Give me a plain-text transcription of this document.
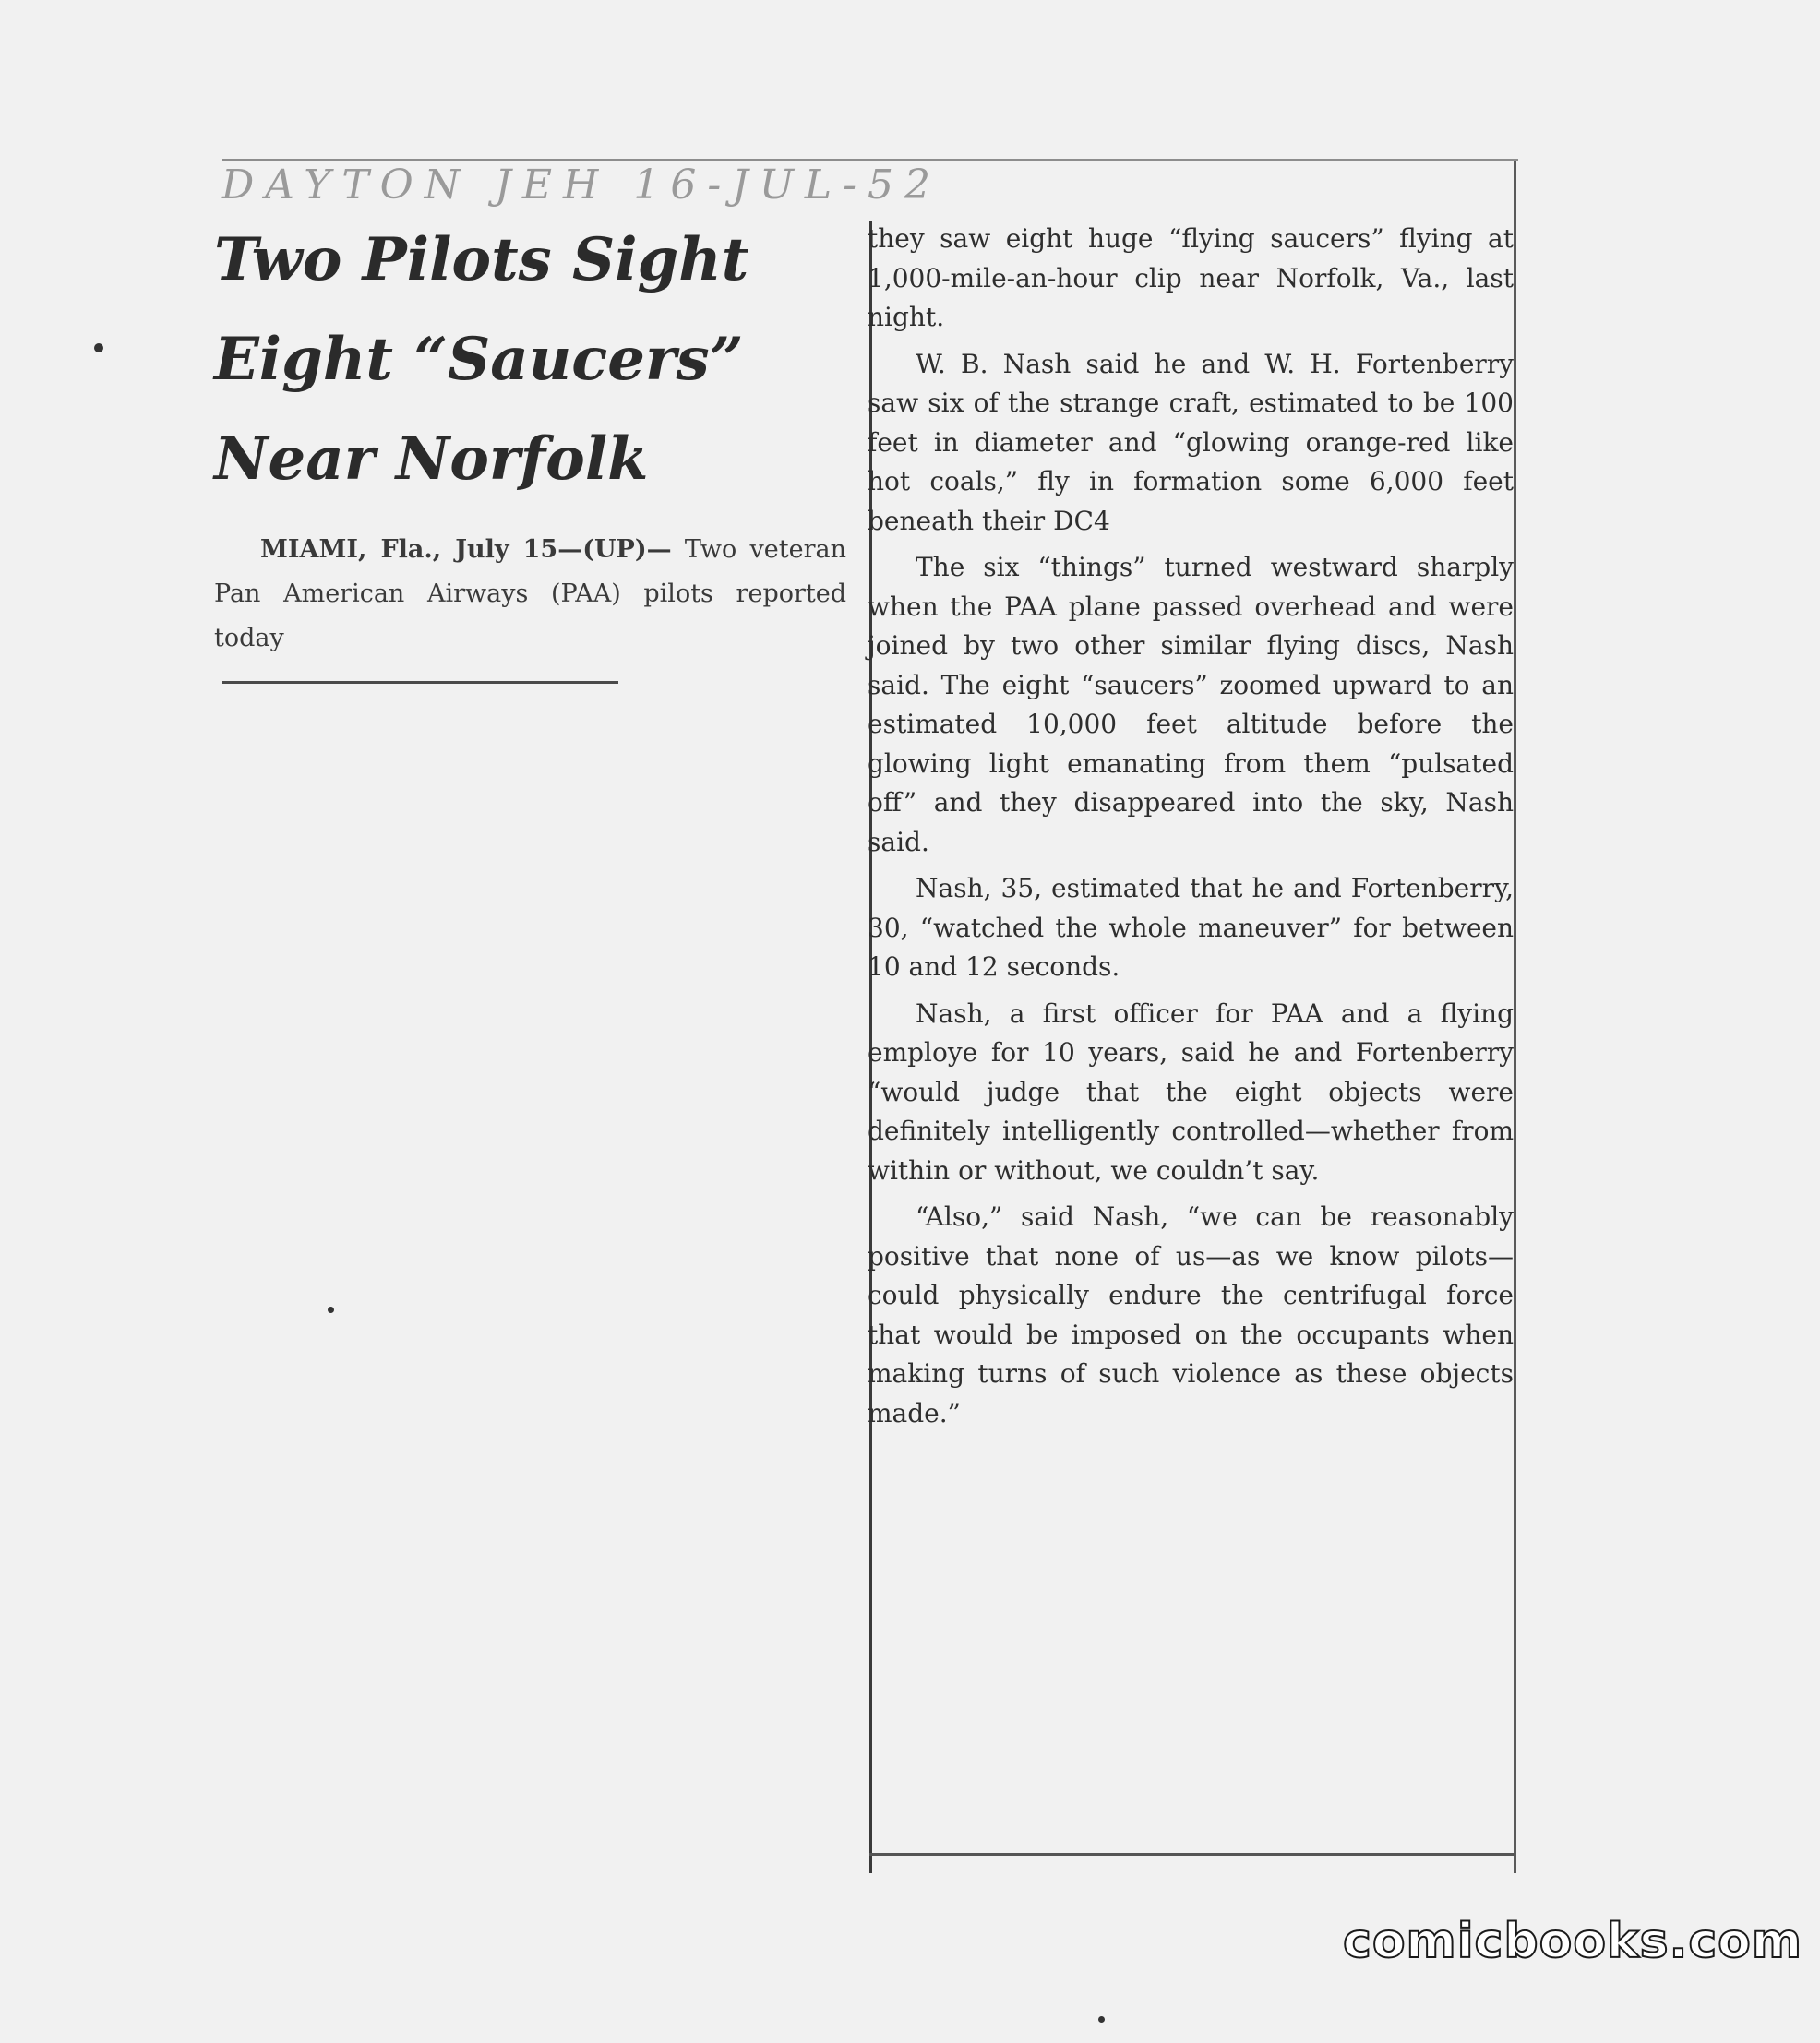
DAYTON JEH 16-JUL-52
Two Pilots Sight
Eight “Saucers”
Near Norfolk
MIAMI, Fla., July 15—(UP)— Two veteran Pan American Airways (PAA) pilots reported today

they saw eight huge “flying saucers” flying at 1,000-mile-an-hour clip near Norfolk, Va., last night.

W. B. Nash said he and W. H. Fortenberry saw six of the strange craft, estimated to be 100 feet in diameter and “glowing orange-red like hot coals,” fly in formation some 6,000 feet beneath their DC4

The six “things” turned westward sharply when the PAA plane passed overhead and were joined by two other similar flying discs, Nash said. The eight “saucers” zoomed upward to an estimated 10,000 feet altitude before the glowing light emanating from them “pulsated off” and they disappeared into the sky, Nash said.

Nash, 35, estimated that he and Fortenberry, 30, “watched the whole maneuver” for between 10 and 12 seconds.

Nash, a first officer for PAA and a flying employe for 10 years, said he and Fortenberry “would judge that the eight objects were definitely intelligently controlled—whether from within or without, we couldn’t say.

“Also,” said Nash, “we can be reasonably positive that none of us—as we know pilots—could physically endure the centrifugal force that would be imposed on the occupants when making turns of such violence as these objects made.”

comicbooks.com
